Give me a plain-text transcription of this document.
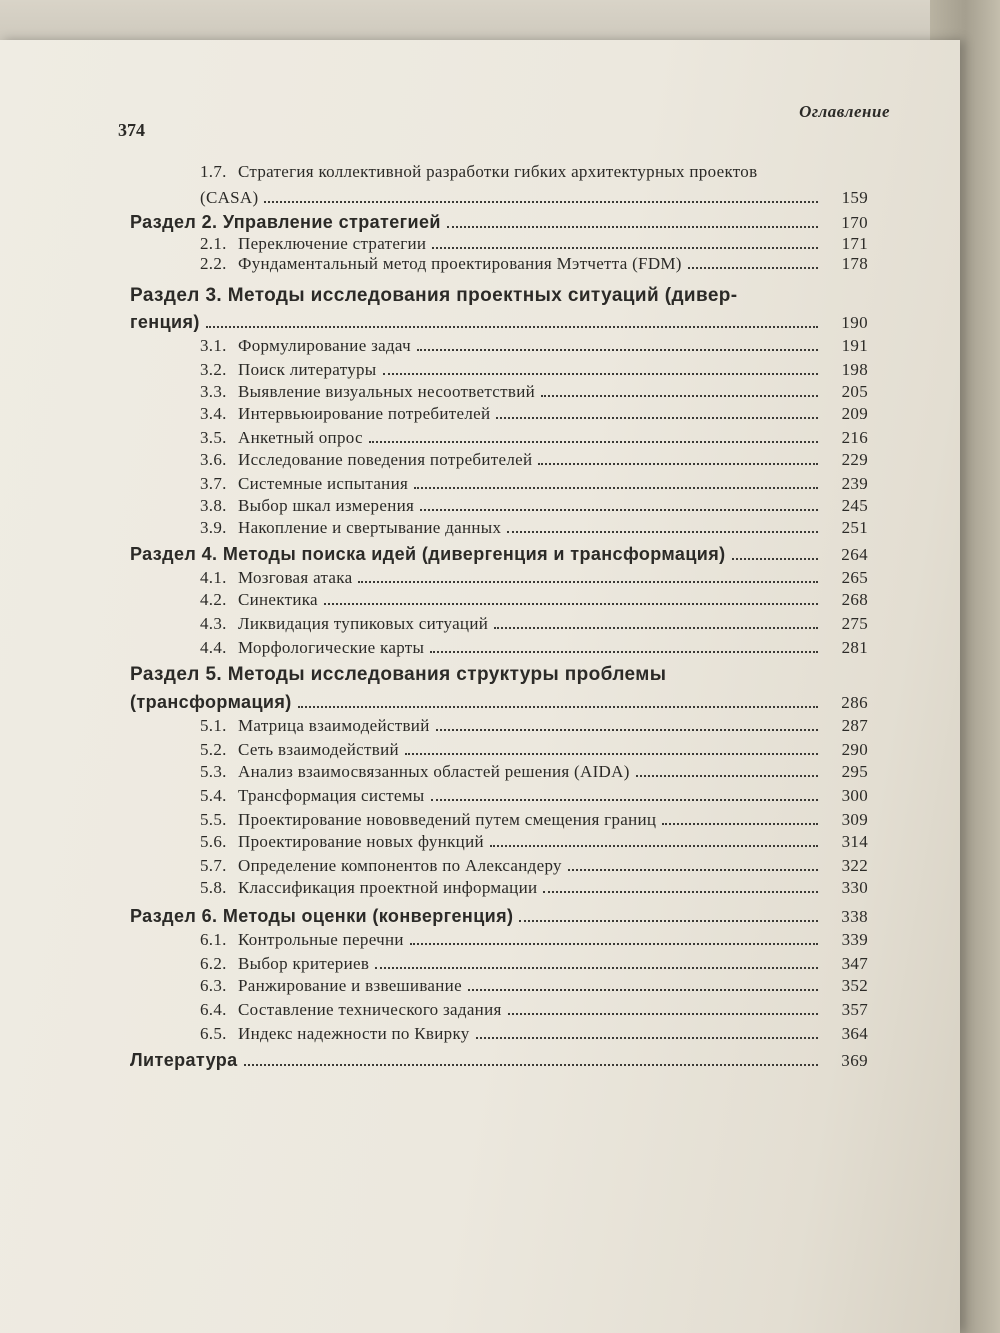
Оглавление
374
1.7. Стратегия коллективной разработки гибких архитектурных проектов
(CASA)	159
Раздел 2. Управление стратегией	170
2.1. Переключение стратегии	171
2.2. Фундаментальный метод проектирования Мэтчетта (FDM)	178
Раздел 3. Методы исследования проектных ситуаций (дивер-
генция)	190
3.1. Формулирование задач	191
3.2. Поиск литературы	198
3.3. Выявление визуальных несоответствий	205
3.4. Интервьюирование потребителей	209
3.5. Анкетный опрос	216
3.6. Исследование поведения потребителей	229
3.7. Системные испытания	239
3.8. Выбор шкал измерения	245
3.9. Накопление и свертывание данных	251
Раздел 4. Методы поиска идей (дивергенция и трансформация)	264
4.1. Мозговая атака	265
4.2. Синектика	268
4.3. Ликвидация тупиковых ситуаций	275
4.4. Морфологические карты	281
Раздел 5. Методы исследования структуры проблемы
(трансформация)	286
5.1. Матрица взаимодействий	287
5.2. Сеть взаимодействий	290
5.3. Анализ взаимосвязанных областей решения (AIDA)	295
5.4. Трансформация системы	300
5.5. Проектирование нововведений путем смещения границ	309
5.6. Проектирование новых функций	314
5.7. Определение компонентов по Александеру	322
5.8. Классификация проектной информации	330
Раздел 6. Методы оценки (конвергенция)	338
6.1. Контрольные перечни	339
6.2. Выбор критериев	347
6.3. Ранжирование и взвешивание	352
6.4. Составление технического задания	357
6.5. Индекс надежности по Квирку	364
Литература	369
